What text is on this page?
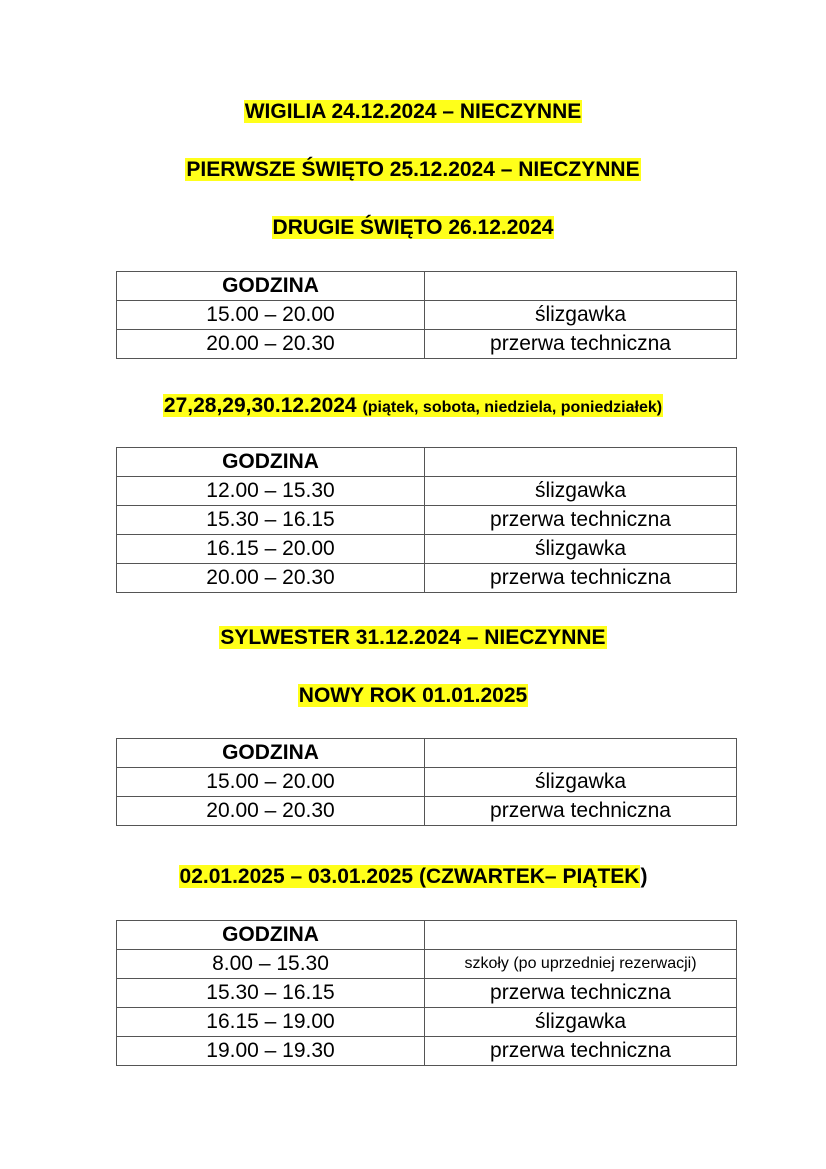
WIGILIA 24.12.2024 – NIECZYNNE
PIERWSZE ŚWIĘTO 25.12.2024 – NIECZYNNE
DRUGIE ŚWIĘTO 26.12.2024
GODZINA	
15.00 – 20.00	ślizgawka
20.00 – 20.30	przerwa techniczna
27,28,29,30.12.2024 (piątek, sobota, niedziela, poniedziałek)
GODZINA	
12.00 – 15.30	ślizgawka
15.30 – 16.15	przerwa techniczna
16.15 – 20.00	ślizgawka
20.00 – 20.30	przerwa techniczna
SYLWESTER 31.12.2024 – NIECZYNNE
NOWY ROK 01.01.2025
GODZINA	
15.00 – 20.00	ślizgawka
20.00 – 20.30	przerwa techniczna
02.01.2025 – 03.01.2025 (CZWARTEK– PIĄTEK)
GODZINA	
8.00 – 15.30	szkoły (po uprzedniej rezerwacji)
15.30 – 16.15	przerwa techniczna
16.15 – 19.00	ślizgawka
19.00 – 19.30	przerwa techniczna
